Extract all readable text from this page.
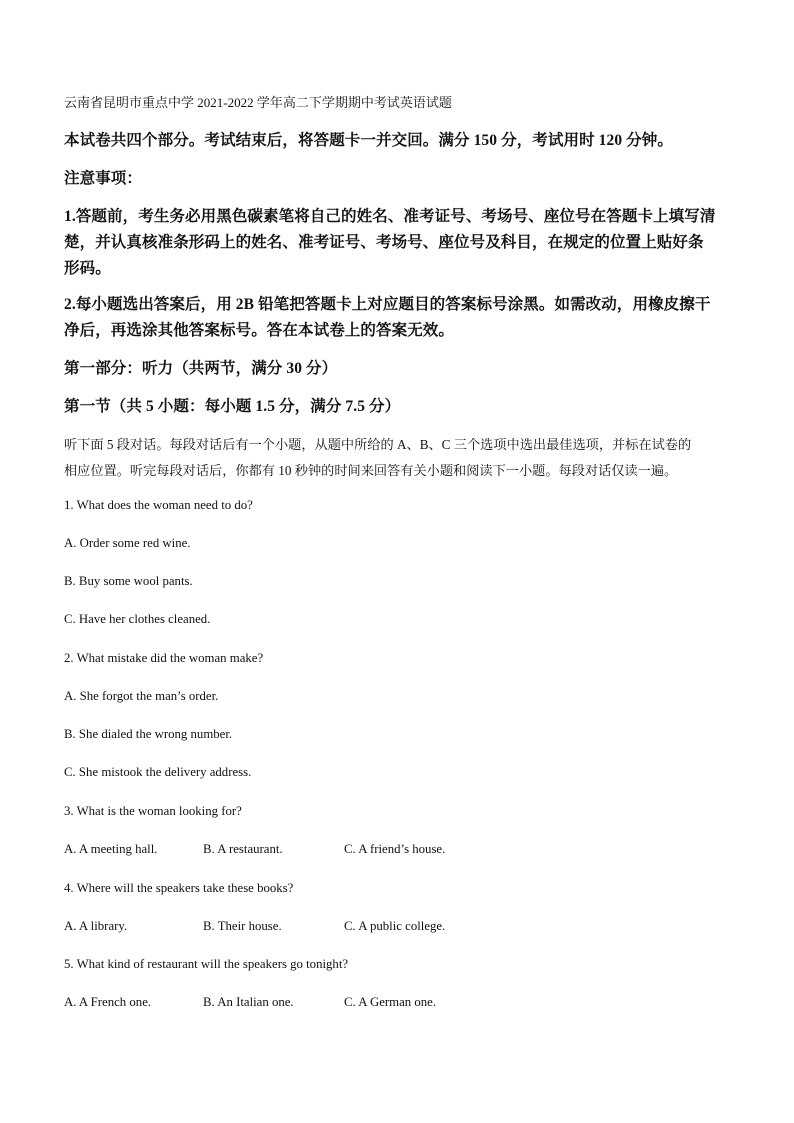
云南省昆明市重点中学 2021-2022 学年高二下学期期中考试英语试题
本试卷共四个部分。考试结束后，将答题卡一并交回。满分 150 分，考试用时 120 分钟。
注意事项：
1.答题前，考生务必用黑色碳素笔将自己的姓名、准考证号、考场号、座位号在答题卡上填写清
楚，并认真核准条形码上的姓名、准考证号、考场号、座位号及科目，在规定的位置上贴好条
形码。
2.每小题选出答案后，用 2B 铅笔把答题卡上对应题目的答案标号涂黑。如需改动，用橡皮擦干
净后，再选涂其他答案标号。答在本试卷上的答案无效。
第一部分：听力（共两节，满分 30 分）
第一节（共 5 小题：每小题 1.5 分，满分 7.5 分）
听下面 5 段对话。每段对话后有一个小题，从题中所给的 A、B、C 三个选项中选出最佳选项，并标在试卷的
相应位置。听完每段对话后，你都有 10 秒钟的时间来回答有关小题和阅读下一小题。每段对话仅读一遍。
1. What does the woman need to do?
A. Order some red wine.
B. Buy some wool pants.
C. Have her clothes cleaned.
2. What mistake did the woman make?
A. She forgot the man’s order.
B. She dialed the wrong number.
C. She mistook the delivery address.
3. What is the woman looking for?
A. A meeting hall.	B. A restaurant.	C. A friend’s house.
4. Where will the speakers take these books?
A. A library.	B. Their house.	C. A public college.
5. What kind of restaurant will the speakers go tonight?
A. A French one.	B. An Italian one.	C. A German one.
